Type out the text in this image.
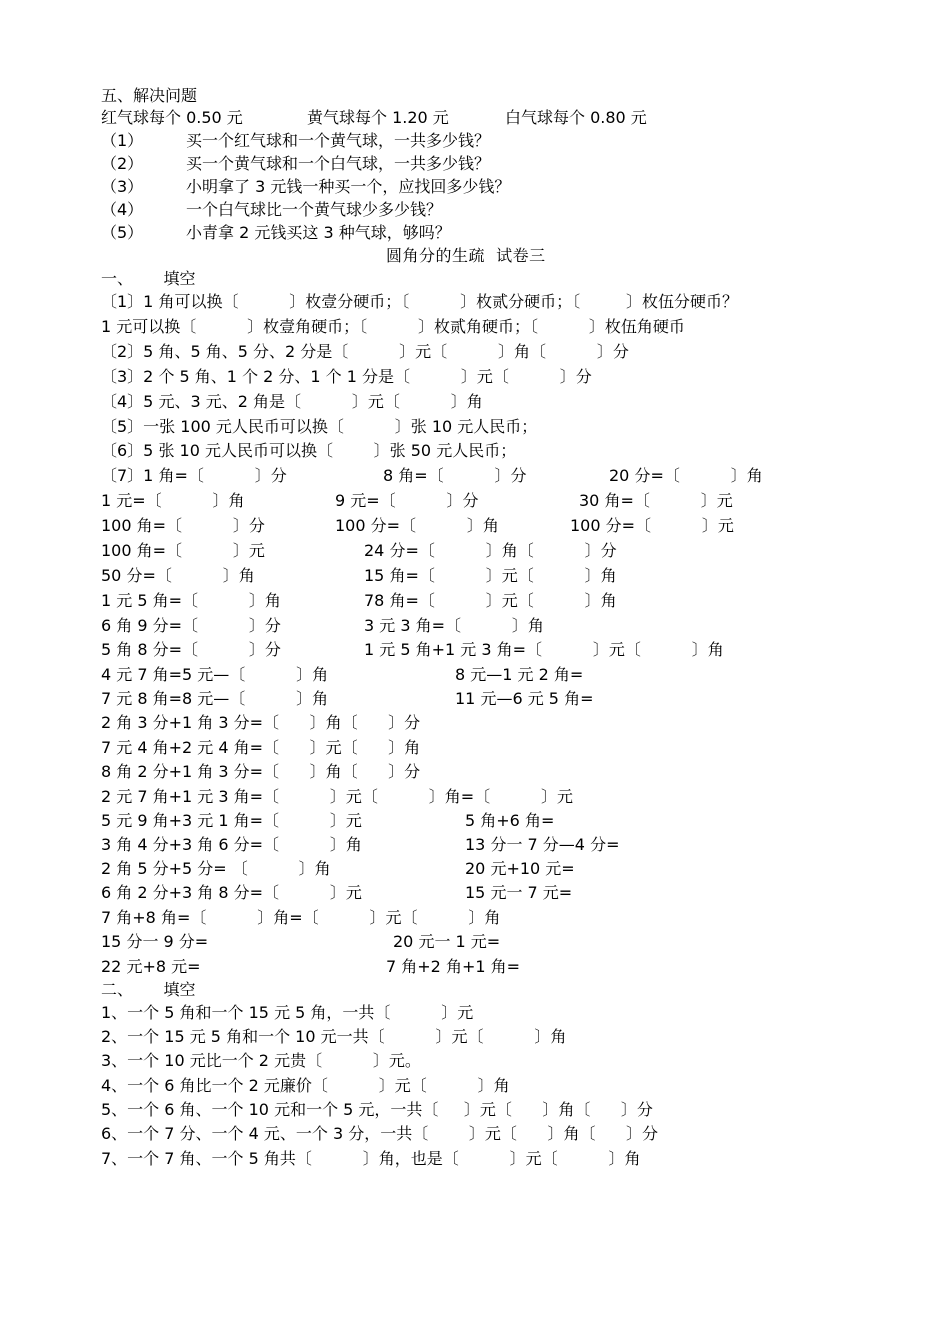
五、解决问题
红气球每个 0.50 元	黄气球每个 1.20 元	白气球每个 0.80 元
（1）	买一个红气球和一个黄气球，一共多少钱？
（2）	买一个黄气球和一个白气球，一共多少钱？
（3）	小明拿了 3 元钱一种买一个，应找回多少钱？
（4）	一个白气球比一个黄气球少多少钱？
（5）	小青拿 2 元钱买这 3 种气球，够吗？
圆角分的生疏  试卷三
一、      填空
〔1〕1 角可以换〔          〕枚壹分硬币；〔          〕枚贰分硬币；〔         〕枚伍分硬币？
1 元可以换〔          〕枚壹角硬币；〔          〕枚贰角硬币；〔          〕枚伍角硬币
〔2〕5 角、5 角、5 分、2 分是〔          〕元〔          〕角〔          〕分
〔3〕2 个 5 角、1 个 2 分、1 个 1 分是〔          〕元〔          〕分
〔4〕5 元、3 元、2 角是〔          〕元〔          〕角
〔5〕一张 100 元人民币可以换〔          〕张 10 元人民币；
〔6〕5 张 10 元人民币可以换〔        〕张 50 元人民币；
〔7〕1 角=〔          〕分	8 角=〔          〕分	20 分=〔          〕角
1 元=〔          〕角	9 元=〔          〕分	30 角=〔          〕元
100 角=〔          〕分	100 分=〔          〕角	100 分=〔          〕元
100 角=〔          〕元	24 分=〔          〕角〔          〕分
50 分=〔          〕角	15 角=〔          〕元〔          〕角
1 元 5 角=〔          〕角	78 角=〔          〕元〔          〕角
6 角 9 分=〔          〕分	3 元 3 角=〔          〕角
5 角 8 分=〔          〕分	1 元 5 角+1 元 3 角=〔          〕元〔          〕角
4 元 7 角=5 元—〔          〕角	8 元—1 元 2 角=
7 元 8 角=8 元—〔          〕角	11 元—6 元 5 角=
2 角 3 分+1 角 3 分=〔      〕角〔      〕分
7 元 4 角+2 元 4 角=〔      〕元〔      〕角
8 角 2 分+1 角 3 分=〔      〕角〔      〕分
2 元 7 角+1 元 3 角=〔          〕元〔          〕角=〔          〕元
5 元 9 角+3 元 1 角=〔          〕元	5 角+6 角=
3 角 4 分+3 角 6 分=〔          〕角	13 分一 7 分—4 分=
2 角 5 分+5 分= 〔          〕角	20 元+10 元=
6 角 2 分+3 角 8 分=〔          〕元	15 元一 7 元=
7 角+8 角=〔          〕角=〔          〕元〔          〕角
15 分一 9 分=	20 元一 1 元=
22 元+8 元=	7 角+2 角+1 角=
二、      填空
1、一个 5 角和一个 15 元 5 角，一共〔          〕元
2、一个 15 元 5 角和一个 10 元一共〔          〕元〔          〕角
3、一个 10 元比一个 2 元贵〔          〕元。
4、一个 6 角比一个 2 元廉价〔          〕元〔          〕角
5、一个 6 角、一个 10 元和一个 5 元，一共〔     〕元〔      〕角〔      〕分
6、一个 7 分、一个 4 元、一个 3 分，一共〔        〕元〔      〕角〔      〕分
7、一个 7 角、一个 5 角共〔          〕角，也是〔          〕元〔          〕角
